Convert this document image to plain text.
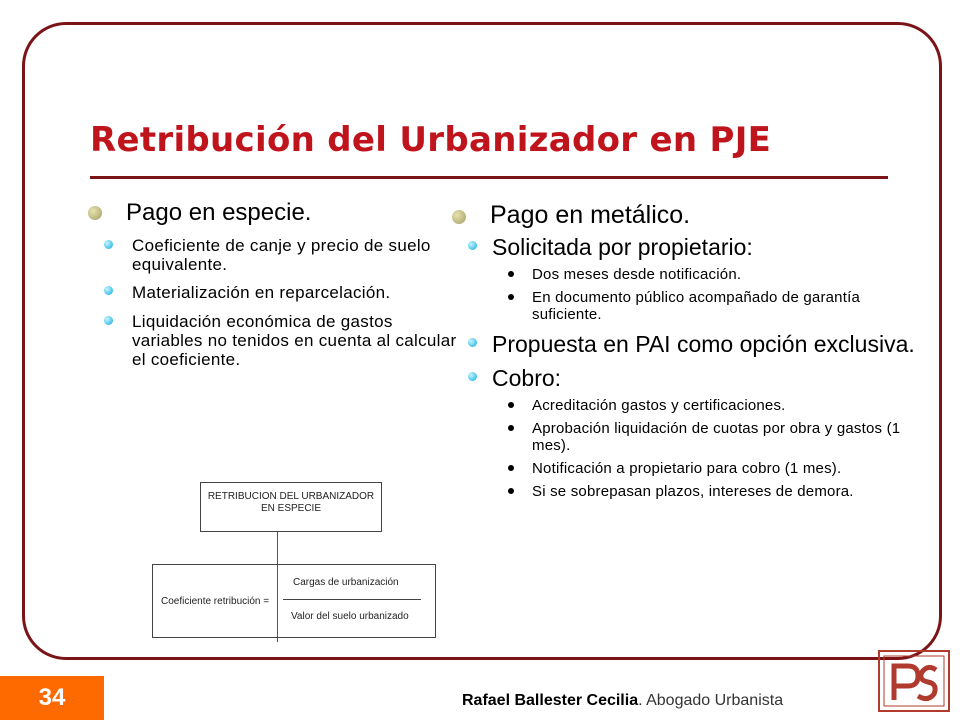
Retribución del Urbanizador en PJE
Pago en especie.
Coeficiente de canje y precio de suelo equivalente.
Materialización en reparcelación.
Liquidación económica de gastos variables no tenidos en cuenta al calcular el coeficiente.
RETRIBUCION DEL URBANIZADOR
EN ESPECIE
Coeficiente retribución =
Cargas de urbanización
Valor del suelo urbanizado
Pago en metálico.
Solicitada por propietario:
Dos meses desde notificación.
En documento público acompañado de garantía suficiente.
Propuesta en PAI como opción exclusiva.
Cobro:
Acreditación gastos y certificaciones.
Aprobación liquidación de cuotas por obra y gastos (1 mes).
Notificación a propietario para cobro (1 mes).
Si se sobrepasan plazos, intereses de demora.
34	Rafael Ballester Cecilia. Abogado Urbanista
